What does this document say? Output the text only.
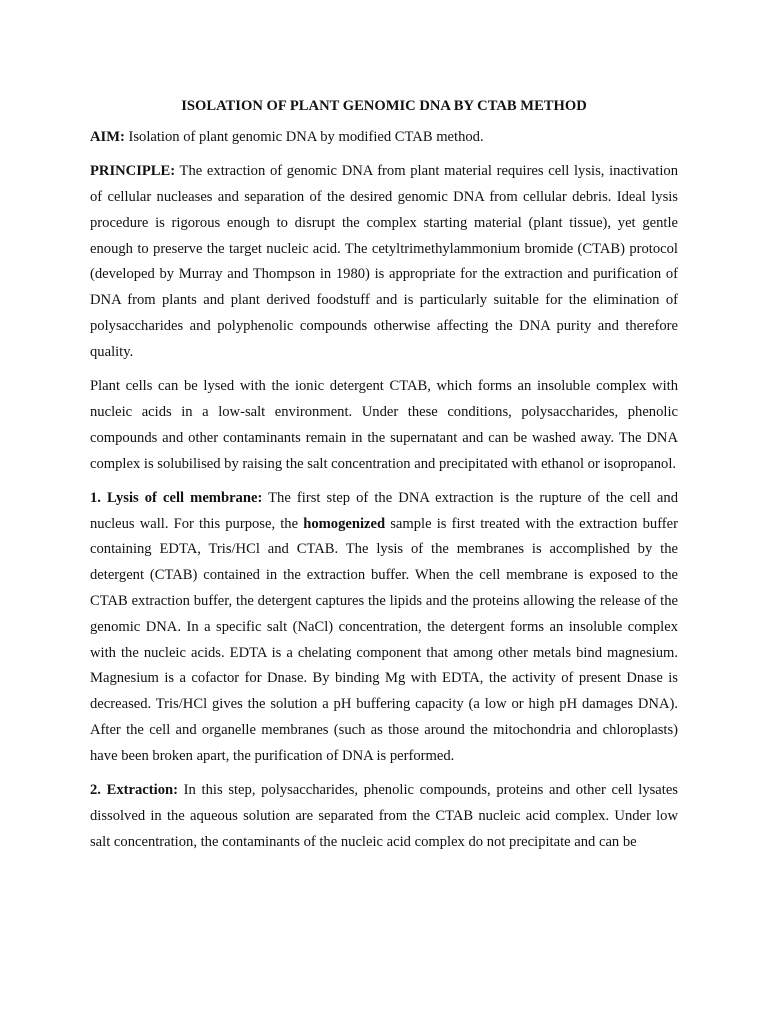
ISOLATION OF PLANT GENOMIC DNA BY CTAB METHOD

AIM: Isolation of plant genomic DNA by modified CTAB method.

PRINCIPLE: The extraction of genomic DNA from plant material requires cell lysis, inactivation of cellular nucleases and separation of the desired genomic DNA from cellular debris. Ideal lysis procedure is rigorous enough to disrupt the complex starting material (plant tissue), yet gentle enough to preserve the target nucleic acid. The cetyltrimethylammonium bromide (CTAB) protocol (developed by Murray and Thompson in 1980) is appropriate for the extraction and purification of DNA from plants and plant derived foodstuff and is particularly suitable for the elimination of polysaccharides and polyphenolic compounds otherwise affecting the DNA purity and therefore quality.

Plant cells can be lysed with the ionic detergent CTAB, which forms an insoluble complex with nucleic acids in a low-salt environment. Under these conditions, polysaccharides, phenolic compounds and other contaminants remain in the supernatant and can be washed away. The DNA complex is solubilised by raising the salt concentration and precipitated with ethanol or isopropanol.

1. Lysis of cell membrane: The first step of the DNA extraction is the rupture of the cell and nucleus wall. For this purpose, the homogenized sample is first treated with the extraction buffer containing EDTA, Tris/HCl and CTAB. The lysis of the membranes is accomplished by the detergent (CTAB) contained in the extraction buffer. When the cell membrane is exposed to the CTAB extraction buffer, the detergent captures the lipids and the proteins allowing the release of the genomic DNA. In a specific salt (NaCl) concentration, the detergent forms an insoluble complex with the nucleic acids. EDTA is a chelating component that among other metals bind magnesium. Magnesium is a cofactor for Dnase. By binding Mg with EDTA, the activity of present Dnase is decreased. Tris/HCl gives the solution a pH buffering capacity (a low or high pH damages DNA). After the cell and organelle membranes (such as those around the mitochondria and chloroplasts) have been broken apart, the purification of DNA is performed.

2. Extraction: In this step, polysaccharides, phenolic compounds, proteins and other cell lysates dissolved in the aqueous solution are separated from the CTAB nucleic acid complex. Under low salt concentration, the contaminants of the nucleic acid complex do not precipitate and can be
